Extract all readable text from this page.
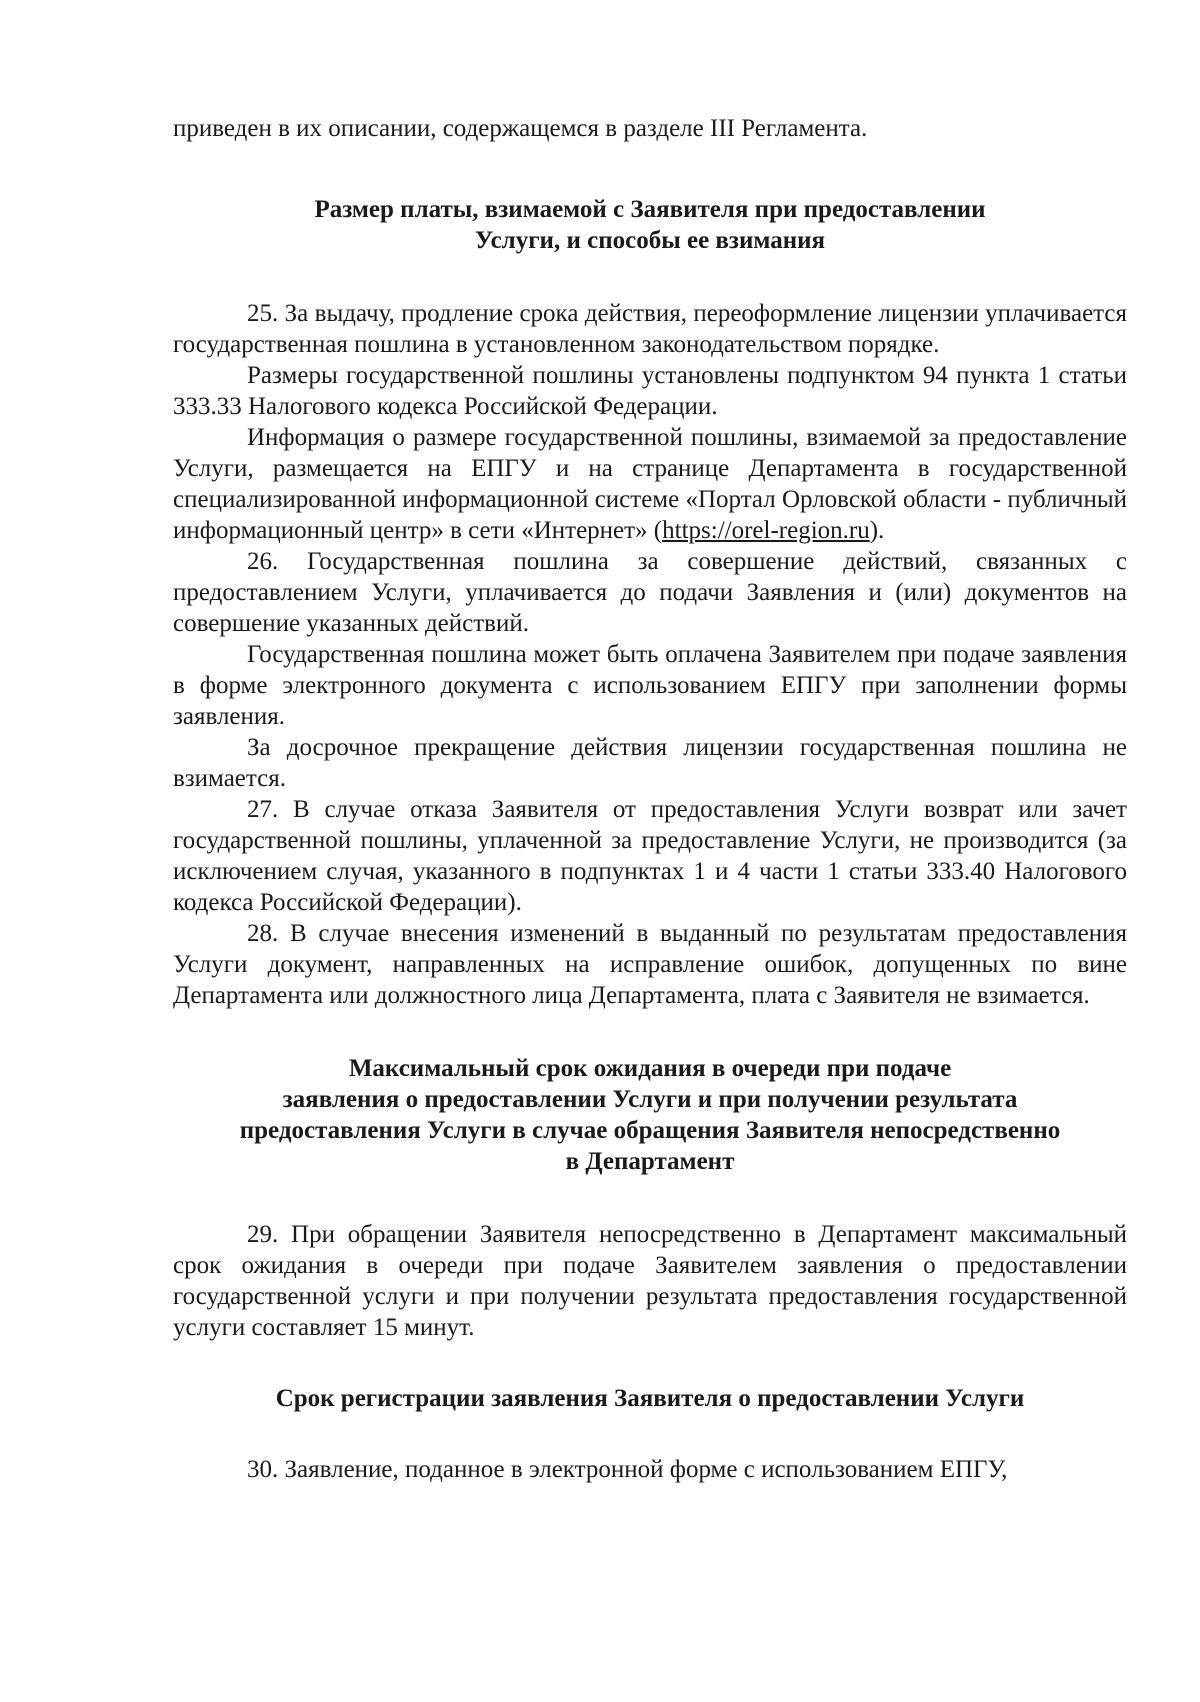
приведен в их описании, содержащемся в разделе III Регламента.

Размер платы, взимаемой с Заявителя при предоставлении
Услуги, и способы ее взимания

25. За выдачу, продление срока действия, переоформление лицензии уплачивается государственная пошлина в установленном законодательством порядке.

Размеры государственной пошлины установлены подпунктом 94 пункта 1 статьи 333.33 Налогового кодекса Российской Федерации.

Информация о размере государственной пошлины, взимаемой за предоставление Услуги, размещается на ЕПГУ и на странице Департамента в государственной специализированной информационной системе «Портал Орловской области - публичный информационный центр» в сети «Интернет» (https://orel-region.ru).

26. Государственная пошлина за совершение действий, связанных с предоставлением Услуги, уплачивается до подачи Заявления и (или) документов на совершение указанных действий.

Государственная пошлина может быть оплачена Заявителем при подаче заявления в форме электронного документа с использованием ЕПГУ при заполнении формы заявления.

За досрочное прекращение действия лицензии государственная пошлина не взимается.

27. В случае отказа Заявителя от предоставления Услуги возврат или зачет государственной пошлины, уплаченной за предоставление Услуги, не производится (за исключением случая, указанного в подпунктах 1 и 4 части 1 статьи 333.40 Налогового кодекса Российской Федерации).

28. В случае внесения изменений в выданный по результатам предоставления Услуги документ, направленных на исправление ошибок, допущенных по вине Департамента или должностного лица Департамента, плата с Заявителя не взимается.

Максимальный срок ожидания в очереди при подаче
заявления о предоставлении Услуги и при получении результата
предоставления Услуги в случае обращения Заявителя непосредственно
в Департамент

29. При обращении Заявителя непосредственно в Департамент максимальный срок ожидания в очереди при подаче Заявителем заявления о предоставлении государственной услуги и при получении результата предоставления государственной услуги составляет 15 минут.

Срок регистрации заявления Заявителя о предоставлении Услуги

30. Заявление, поданное в электронной форме с использованием ЕПГУ,
